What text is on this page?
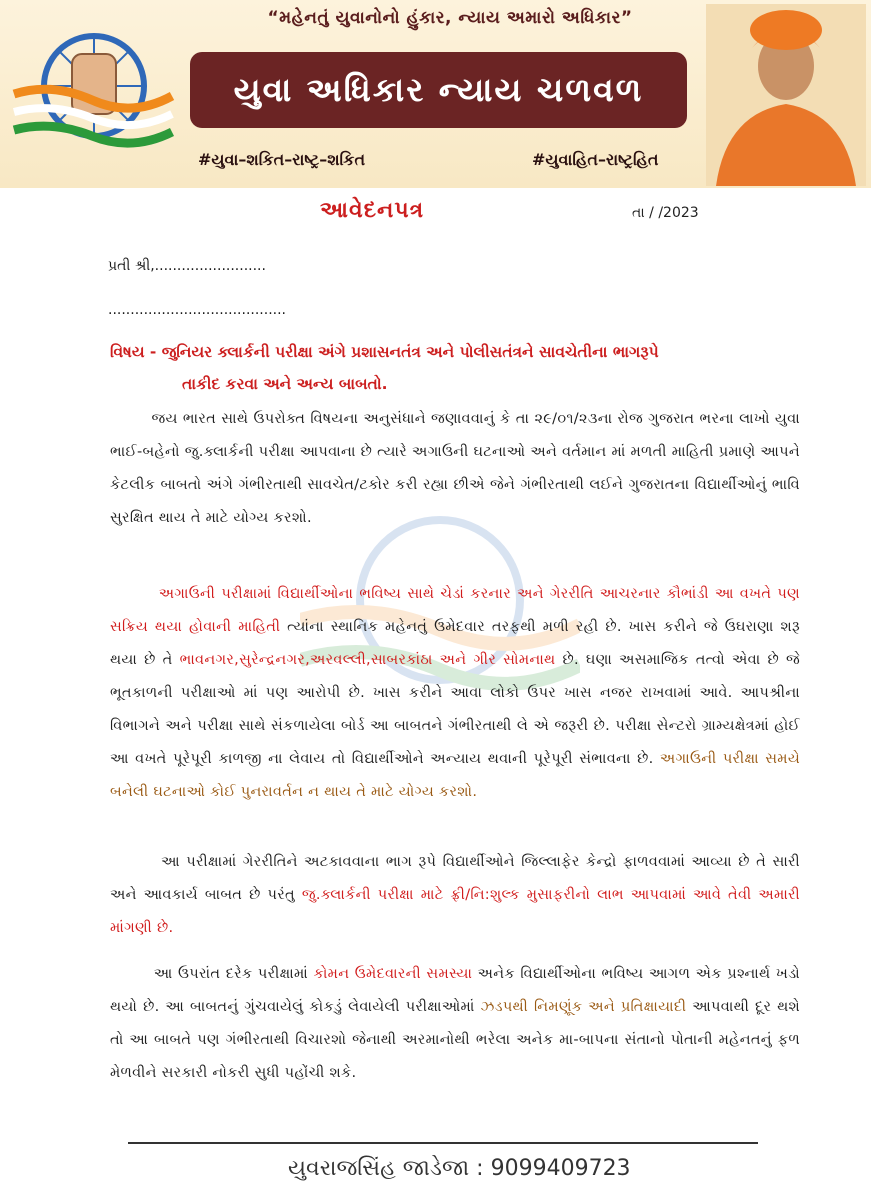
“મહેનતું યુવાનોનો હુંકાર, ન્યાય અમારો અધિકાર”
યુવા અધિકાર ન્યાય ચળવળ
#યુવા–શકિત–રાષ્ટ્ર–શકિત	#યુવાહિત–રાષ્ટ્રહિત
આવેદનપત્ર	તા / /2023
પ્રતી શ્રી,.........................
........................................
વિષય - જુનિયર ક્લાર્કની પરીક્ષા અંગે પ્રશાસનતંત્ર અને પોલીસતંત્રને સાવચેતીના ભાગરૂપે
તાકીદ કરવા અને અન્ય બાબતો.
જય ભારત સાથે ઉપરોક્ત વિષયના અનુસંધાને જણાવવાનું કે તા ૨૯/૦૧/૨૩ના રોજ ગુજરાત ભરના લાખો યુવા ભાઈ-બહેનો જુ.ક્લાર્કની પરીક્ષા આપવાના છે ત્યારે અગાઉની ઘટનાઓ અને વર્તમાન માં મળતી માહિતી પ્રમાણે આપને કેટલીક બાબતો અંગે ગંભીરતાથી સાવચેત/ટકોર કરી રહ્યા છીએ જેને ગંભીરતાથી લઈને ગુજરાતના વિદ્યાર્થીઓનું ભાવિ સુરક્ષિત થાય તે માટે યોગ્ય કરશો.
અગાઉની પરીક્ષામાં વિદ્યાર્થીઓના ભવિષ્ય સાથે ચેડાં કરનાર અને ગેરરીતિ આચરનાર કૌભાંડી આ વખતે પણ સક્રિય થયા હોવાની માહિતી ત્યાંના સ્થાનિક મહેનતું ઉમેદવાર તરફથી મળી રહી છે. ખાસ કરીને જે ઉઘરાણા શરૂ થયા છે તે ભાવનગર,સુરેન્દ્રનગર,અરવલ્લી,સાબરકાંઠા અને ગીર સોમનાથ છે. ઘણા અસમાજિક તત્વો એવા છે જે ભૂતકાળની પરીક્ષાઓ માં પણ આરોપી છે. ખાસ કરીને આવા લોકો ઉપર ખાસ નજર રાખવામાં આવે. આપશ્રીના વિભાગને અને પરીક્ષા સાથે સંકળાયેલા બોર્ડ આ બાબતને ગંભીરતાથી લે એ જરૂરી છે. પરીક્ષા સેન્ટરો ગ્રામ્યક્ષેત્રમાં હોઈ આ વખતે પૂરેપૂરી કાળજી ના લેવાય તો વિદ્યાર્થીઓને અન્યાય થવાની પૂરેપૂરી સંભાવના છે. અગાઉની પરીક્ષા સમયે બનેલી ઘટનાઓ કોઈ પુનરાવર્તન ન થાય તે માટે યોગ્ય કરશો.
આ પરીક્ષામાં ગેરરીતિને અટકાવવાના ભાગ રૂપે વિદ્યાર્થીઓને જિલ્લાફેર કેન્દ્રો ફાળવવામાં આવ્યા છે તે સારી અને આવકાર્ય બાબત છે પરંતુ જુ.ક્લાર્કની પરીક્ષા માટે ફ્રી/નિ:શુલ્ક મુસાફરીનો લાભ આપવામાં આવે તેવી અમારી માંગણી છે.
આ ઉપરાંત દરેક પરીક્ષામાં કોમન ઉમેદવારની સમસ્યા અનેક વિદ્યાર્થીઓના ભવિષ્ય આગળ એક પ્રશ્નાર્થ ખડો થયો છે. આ બાબતનું ગુંચવાયેલું કોકડું લેવાયેલી પરીક્ષાઓમાં ઝડપથી નિમણૂંક અને પ્રતિક્ષાયાદી આપવાથી દૂર થશે તો આ બાબતે પણ ગંભીરતાથી વિચારશો જેનાથી અરમાનોથી ભરેલા અનેક મા-બાપના સંતાનો પોતાની મહેનતનું ફળ મેળવીને સરકારી નોકરી સુધી પહોંચી શકે.
યુવરાજસિંહ જાડેજા : 9099409723
